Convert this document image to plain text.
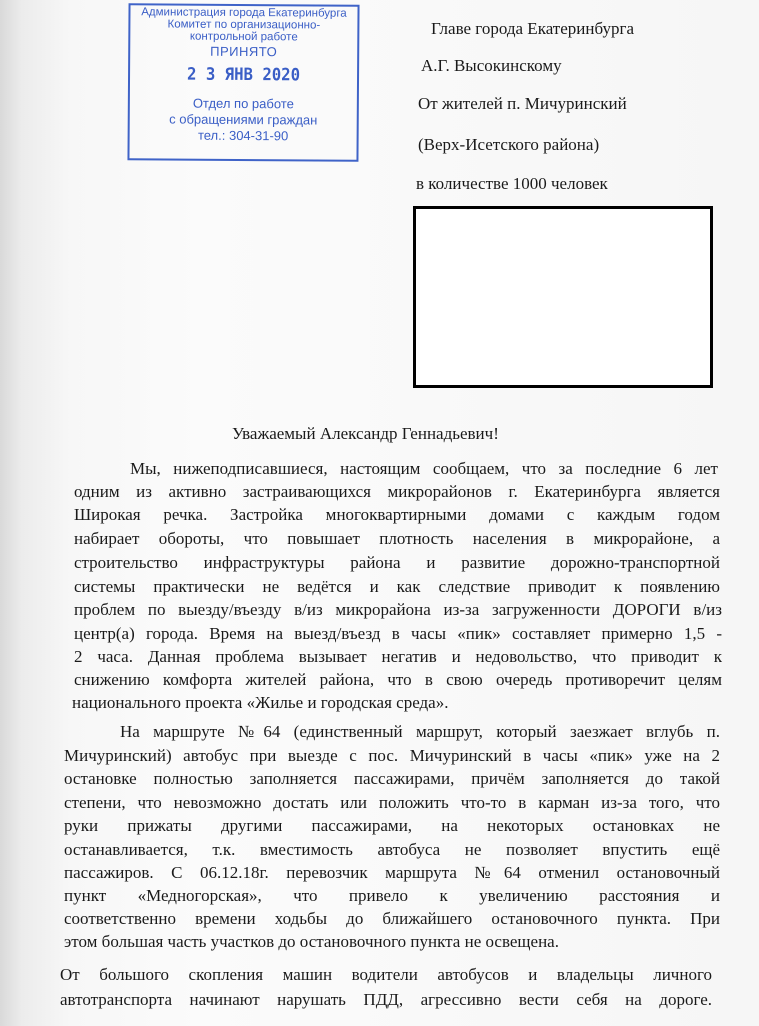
Администрация города Екатеринбурга
Комитет по организационно-
контрольной работе
ПРИНЯТО
2 3 ЯНВ 2020
Отдел по работе
с обращениями граждан
тел.: 304-31-90
Главе города Екатеринбурга
А.Г. Высокинскому
От жителей п. Мичуринский
(Верх-Исетского района)
в количестве 1000 человек
Уважаемый Александр Геннадьевич!
Мы, нижеподписавшиеся, настоящим сообщаем, что за последние 6 лет
одним из активно застраивающихся микрорайонов г. Екатеринбурга является
Широкая речка. Застройка многоквартирными домами с каждым годом
набирает обороты, что повышает плотность населения в микрорайоне, а
строительство инфраструктуры района и развитие дорожно-транспортной
системы практически не ведётся и как следствие приводит к появлению
проблем по выезду/въезду в/из микрорайона из-за загруженности ДОРОГИ в/из
центр(а) города. Время на выезд/въезд в часы «пик» составляет примерно 1,5 -
2 часа. Данная проблема вызывает негатив и недовольство, что приводит к
снижению комфорта жителей района, что в свою очередь противоречит целям
национального проекта «Жилье и городская среда».
На маршруте №64 (единственный маршрут, который заезжает вглубь п.
Мичуринский) автобус при выезде с пос. Мичуринский в часы «пик» уже на 2
остановке полностью заполняется пассажирами, причём заполняется до такой
степени, что невозможно достать или положить что-то в карман из-за того, что
руки прижаты другими пассажирами, на некоторых остановках не
останавливается, т.к. вместимость автобуса не позволяет впустить ещё
пассажиров. С 06.12.18г. перевозчик маршрута №64 отменил остановочный
пункт «Медногорская», что привело к увеличению расстояния и
соответственно времени ходьбы до ближайшего остановочного пункта. При
этом большая часть участков до остановочного пункта не освещена.
От большого скопления машин водители автобусов и владельцы личного
автотранспорта начинают нарушать ПДД, агрессивно вести себя на дороге.
